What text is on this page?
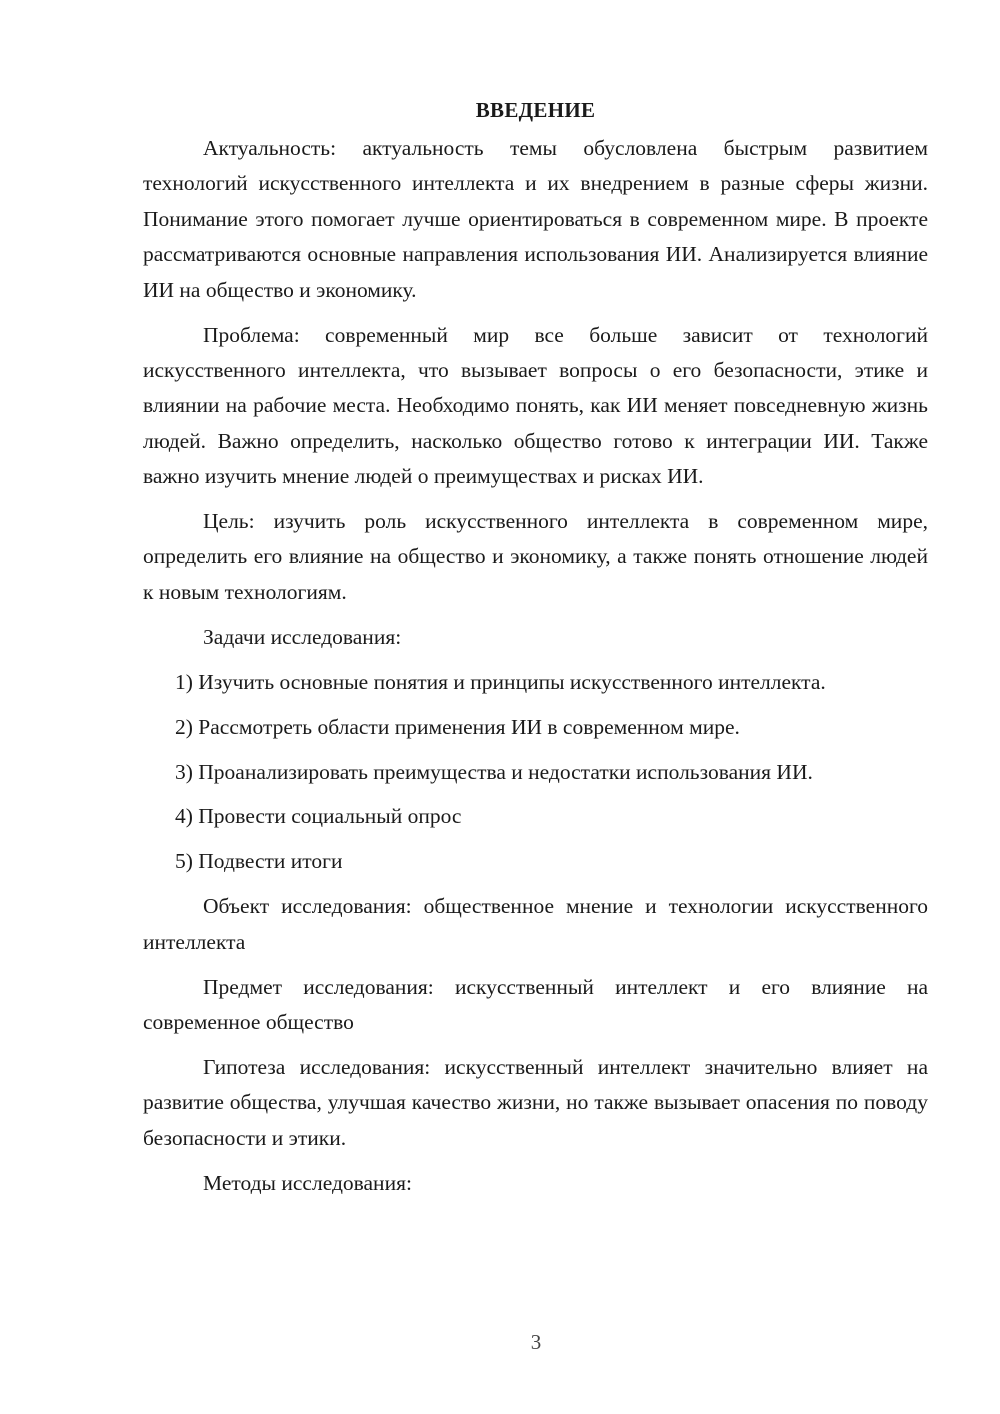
ВВЕДЕНИЕ

Актуальность: актуальность темы обусловлена быстрым развитием технологий искусственного интеллекта и их внедрением в разные сферы жизни. Понимание этого помогает лучше ориентироваться в современном мире. В проекте рассматриваются основные направления использования ИИ. Анализируется влияние ИИ на общество и экономику.

Проблема: современный мир все больше зависит от технологий искусственного интеллекта, что вызывает вопросы о его безопасности, этике и влиянии на рабочие места. Необходимо понять, как ИИ меняет повседневную жизнь людей. Важно определить, насколько общество готово к интеграции ИИ. Также важно изучить мнение людей о преимуществах и рисках ИИ.

Цель: изучить роль искусственного интеллекта в современном мире, определить его влияние на общество и экономику, а также понять отношение людей к новым технологиям.

Задачи исследования:

1) Изучить основные понятия и принципы искусственного интеллекта.

2) Рассмотреть области применения ИИ в современном мире.

3) Проанализировать преимущества и недостатки использования ИИ.

4) Провести социальный опрос

5) Подвести итоги

Объект исследования: общественное мнение и технологии искусственного интеллекта

Предмет исследования: искусственный интеллект и его влияние на современное общество

Гипотеза исследования: искусственный интеллект значительно влияет на развитие общества, улучшая качество жизни, но также вызывает опасения по поводу безопасности и этики.

Методы исследования:

3
